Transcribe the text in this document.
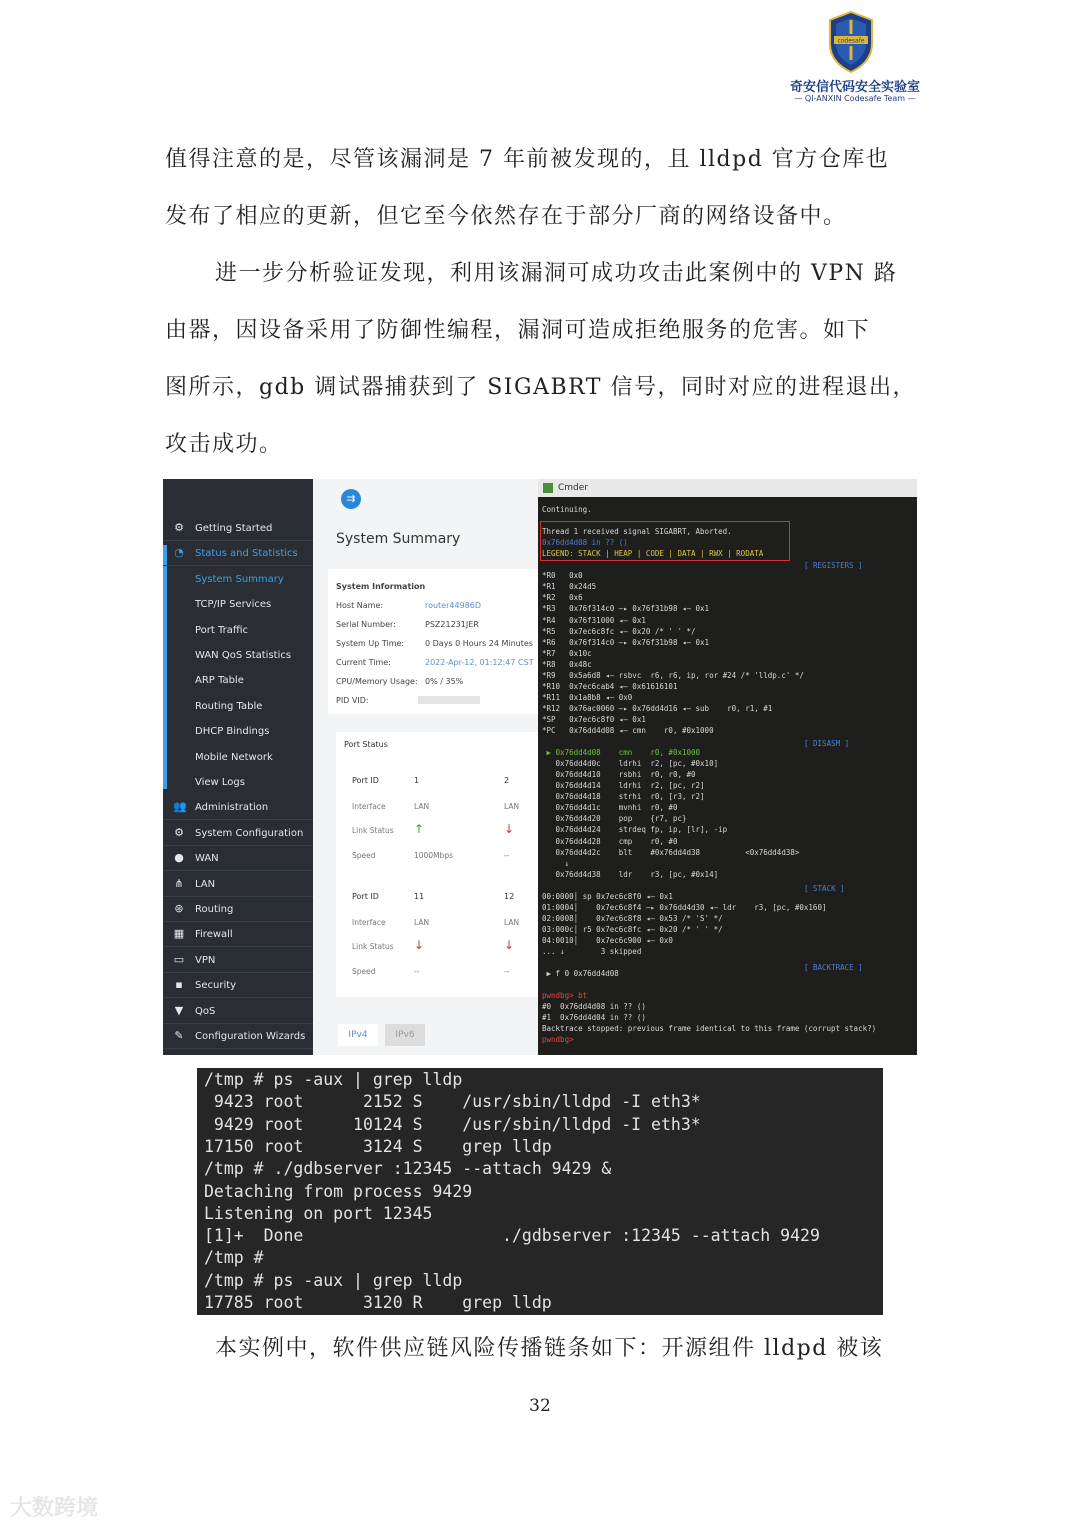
codesafe
奇安信代码安全实验室
— QI-ANXIN Codesafe Team —
值得注意的是，尽管该漏洞是 7 年前被发现的，且 lldpd 官方仓库也
发布了相应的更新，但它至今依然存在于部分厂商的网络设备中。
进一步分析验证发现，利用该漏洞可成功攻击此案例中的 VPN 路
由器，因设备采用了防御性编程，漏洞可造成拒绝服务的危害。如下
图所示，gdb 调试器捕获到了 SIGABRT 信号，同时对应的进程退出，
攻击成功。
⚙ Getting Started
◔ Status and Statistics
System Summary
TCP/IP Services
Port Traffic
WAN QoS Statistics
ARP Table
Routing Table
DHCP Bindings
Mobile Network
View Logs
👥 Administration
⚙ System Configuration
● WAN
⋔ LAN
⊛ Routing
▦ Firewall
▭ VPN
▪ Security
▼ QoS
✎ Configuration Wizards
⇉
System Summary
System Information
Host Name:	router44986D
Serial Number:	PSZ21231JER
System Up Time:	0 Days 0 Hours 24 Minutes
Current Time:	2022-Apr-12, 01:12:47 CST
CPU/Memory Usage: 0% / 35%
PID VID:
Port Status
Port ID	1	2
Interface	LAN	LAN
Link Status ↑	↓
Speed	1000Mbps	--
Port ID	11	12
Interface	LAN	LAN
Link Status ↓	↓
Speed	--	--
IPv4	IPv6
Cmder
Continuing.
Thread 1 received signal SIGABRT, Aborted.
0x76dd4d08 in ?? ()
LEGEND: STACK | HEAP | CODE | DATA | RWX | RODATA
*R0   0x0
*R1   0x24d5
*R2   0x6
*R3   0x76f314c0 —▸ 0x76f31b98 ◂— 0x1
*R4   0x76f31000 ◂— 0x1
*R5   0x7ec6c8fc ◂— 0x20 /* ' ' */
*R6   0x76f314c0 —▸ 0x76f31b98 ◂— 0x1
*R7   0x10c
*R8   0x48c
*R9   0x5a6d8 ◂— rsbvc  r6, r6, ip, ror #24 /* 'lldp.c' */
*R10  0x7ec6cab4 ◂— 0x61616101
*R11  0x1a8b8 ◂— 0x0
*R12  0x76ac0060 —▸ 0x76dd4d16 ◂— sub    r0, r1, #1
*SP   0x7ec6c8f0 ◂— 0x1
*PC   0x76dd4d08 ◂— cmn    r0, #0x1000
▶ 0x76dd4d08    cmn    r0, #0x1000
0x76dd4d0c    ldrhi  r2, [pc, #0x10]
0x76dd4d10    rsbhi  r0, r0, #0
0x76dd4d14    ldrhi  r2, [pc, r2]
0x76dd4d18    strhi  r0, [r3, r2]
0x76dd4d1c    mvnhi  r0, #0
0x76dd4d20    pop    {r7, pc}
0x76dd4d24    strdeq fp, ip, [lr], -ip
0x76dd4d28    cmp    r0, #0
0x76dd4d2c    blt    #0x76dd4d38          <0x76dd4d38>
↓
0x76dd4d38    ldr    r3, [pc, #0x14]
00:0000│ sp 0x7ec6c8f0 ◂— 0x1
01:0004│    0x7ec6c8f4 —▸ 0x76dd4d30 ◂— ldr    r3, [pc, #0x160]
02:0008│    0x7ec6c8f8 ◂— 0x53 /* 'S' */
03:000c│ r5 0x7ec6c8fc ◂— 0x20 /* ' ' */
04:0010│    0x7ec6c900 ◂— 0x0
... ↓        3 skipped
▶ f 0 0x76dd4d08
pwndbg> bt
#0  0x76dd4d08 in ?? ()
#1  0x76dd4d04 in ?? ()
Backtrace stopped: previous frame identical to this frame (corrupt stack?)
pwndbg>
[ REGISTERS ]
[ DISASM ]
[ STACK ]
[ BACKTRACE ]
/tmp # ps -aux | grep lldp
9423 root      2152 S    /usr/sbin/lldpd -I eth3*
9429 root     10124 S    /usr/sbin/lldpd -I eth3*
17150 root      3124 S    grep lldp
/tmp # ./gdbserver :12345 --attach 9429 &
Detaching from process 9429
Listening on port 12345
[1]+  Done                    ./gdbserver :12345 --attach 9429
/tmp #
/tmp # ps -aux | grep lldp
17785 root      3120 R    grep lldp
本实例中，软件供应链风险传播链条如下：开源组件 lldpd 被该
32
大数跨境
